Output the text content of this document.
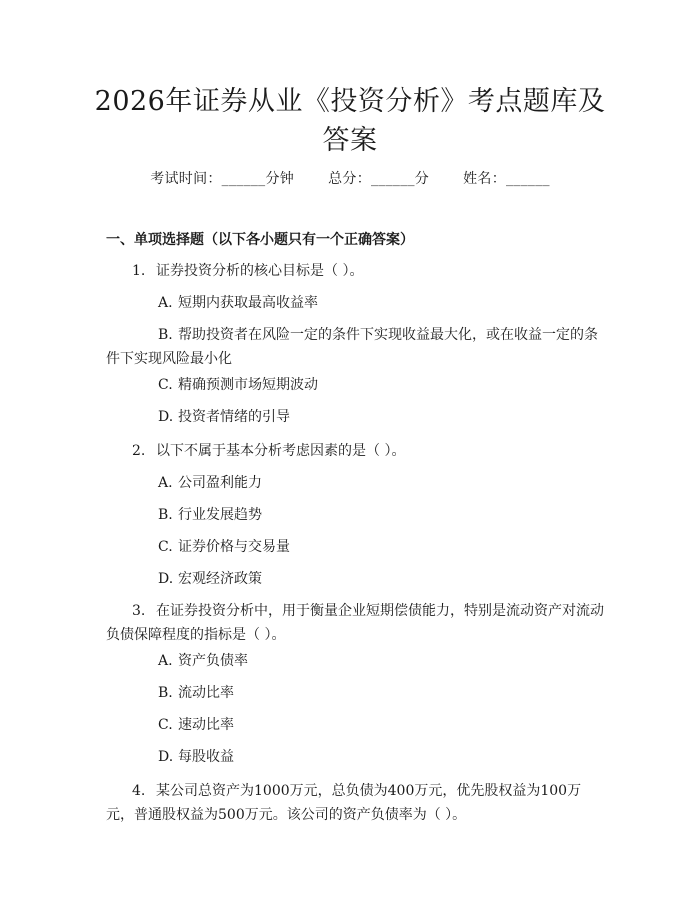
2026年证券从业《投资分析》考点题库及答案
考试时间：______分钟 总分：______分 姓名：______
一、单项选择题（以下各小题只有一个正确答案）
1. 证券投资分析的核心目标是（ ）。
A. 短期内获取最高收益率
B. 帮助投资者在风险一定的条件下实现收益最大化，或在收益一定的条件下实现风险最小化
C. 精确预测市场短期波动
D. 投资者情绪的引导
2. 以下不属于基本分析考虑因素的是（ ）。
A. 公司盈利能力
B. 行业发展趋势
C. 证券价格与交易量
D. 宏观经济政策
3. 在证券投资分析中，用于衡量企业短期偿债能力，特别是流动资产对流动负债保障程度的指标是（ ）。
A. 资产负债率
B. 流动比率
C. 速动比率
D. 每股收益
4. 某公司总资产为1000万元，总负债为400万元，优先股权益为100万元，普通股权益为500万元。该公司的资产负债率为（ ）。
